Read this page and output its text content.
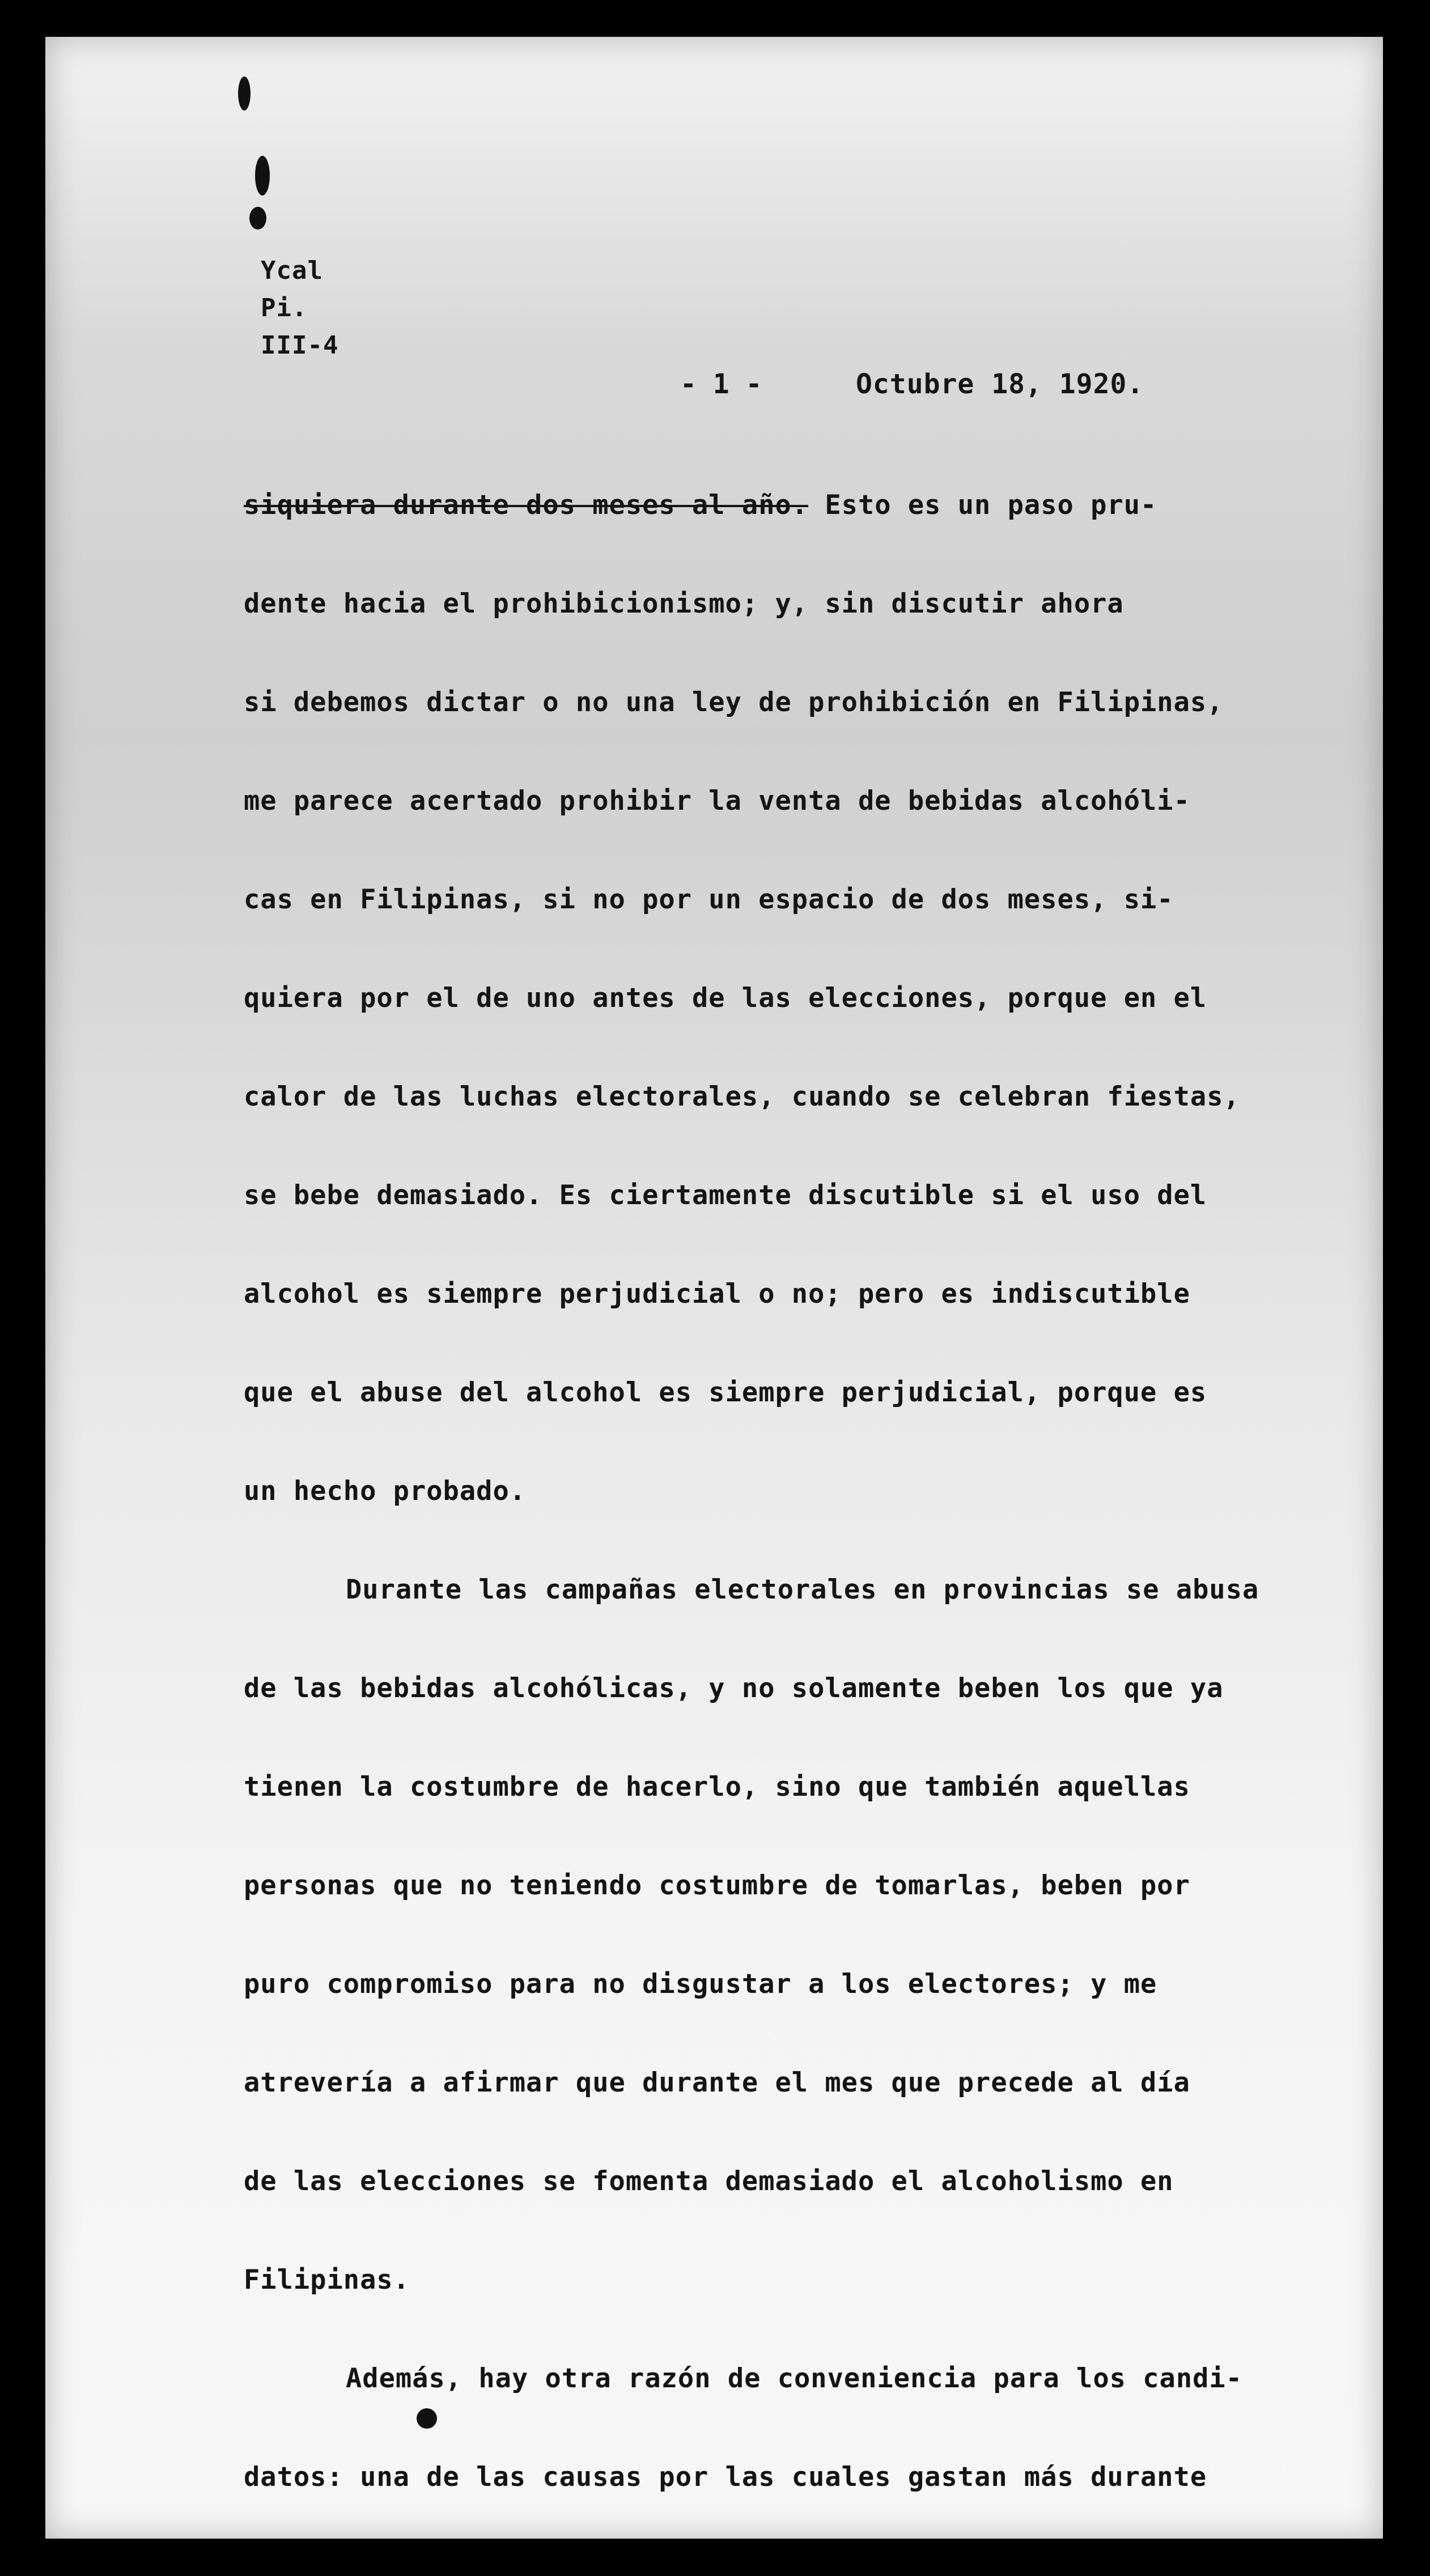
Ycal
Pi.
III-4
- 1 -	Octubre 18, 1920.
siquiera durante dos meses al año. Esto es un paso pru-
dente hacia el prohibicionismo; y, sin discutir ahora
si debemos dictar o no una ley de prohibición en Filipinas,
me parece acertado prohibir la venta de bebidas alcohóli-
cas en Filipinas, si no por un espacio de dos meses, si-
quiera por el de uno antes de las elecciones, porque en el
calor de las luchas electorales, cuando se celebran fiestas,
se bebe demasiado. Es ciertamente discutible si el uso del
alcohol es siempre perjudicial o no; pero es indiscutible
que el abuse del alcohol es siempre perjudicial, porque es
un hecho probado.
Durante las campañas electorales en provincias se abusa
de las bebidas alcohólicas, y no solamente beben los que ya
tienen la costumbre de hacerlo, sino que también aquellas
personas que no teniendo costumbre de tomarlas, beben por
puro compromiso para no disgustar a los electores; y me
atrevería a afirmar que durante el mes que precede al día
de las elecciones se fomenta demasiado el alcoholismo en
Filipinas.
Además, hay otra razón de conveniencia para los candi-
datos: una de las causas por las cuales gastan más durante
